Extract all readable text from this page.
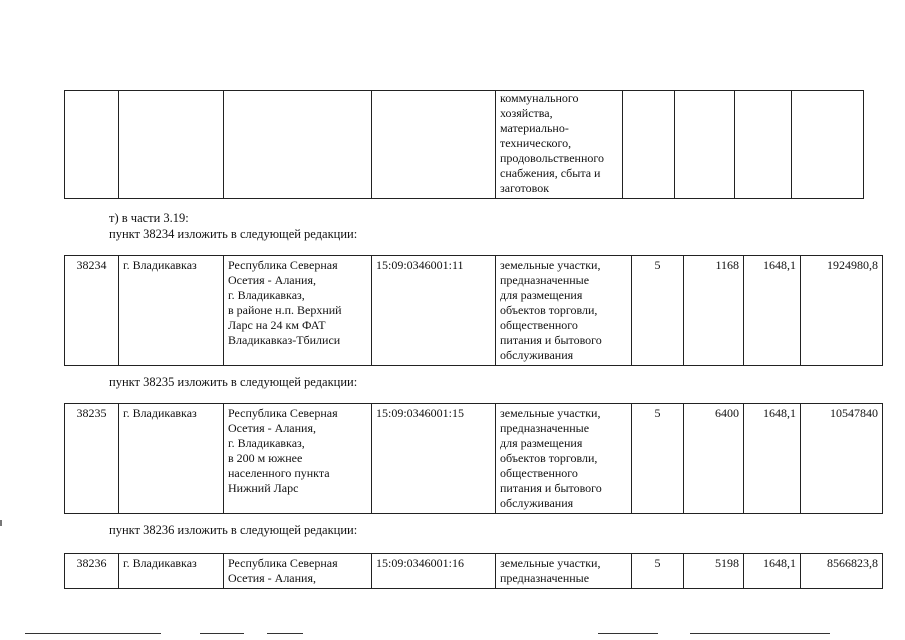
				коммунального
хозяйства,
материально-
технического,
продовольственного
снабжения, сбыта и
заготовок				
т) в части 3.19:
пункт 38234 изложить в следующей редакции:
38234	г. Владикавказ	Республика Северная
Осетия - Алания,
г. Владикавказ,
в районе н.п. Верхний
Ларс на 24 км ФАТ
Владикавказ-Тбилиси	15:09:0346001:11	земельные участки,
предназначенные
для размещения
объектов торговли,
общественного
питания и бытового
обслуживания	5	1168	1648,1	1924980,8
пункт 38235 изложить в следующей редакции:
38235	г. Владикавказ	Республика Северная
Осетия - Алания,
г. Владикавказ,
в 200 м южнее
населенного пункта
Нижний Ларс	15:09:0346001:15	земельные участки,
предназначенные
для размещения
объектов торговли,
общественного
питания и бытового
обслуживания	5	6400	1648,1	10547840
пункт 38236 изложить в следующей редакции:
38236	г. Владикавказ	Республика Северная
Осетия - Алания,	15:09:0346001:16	земельные участки,
предназначенные	5	5198	1648,1	8566823,8
